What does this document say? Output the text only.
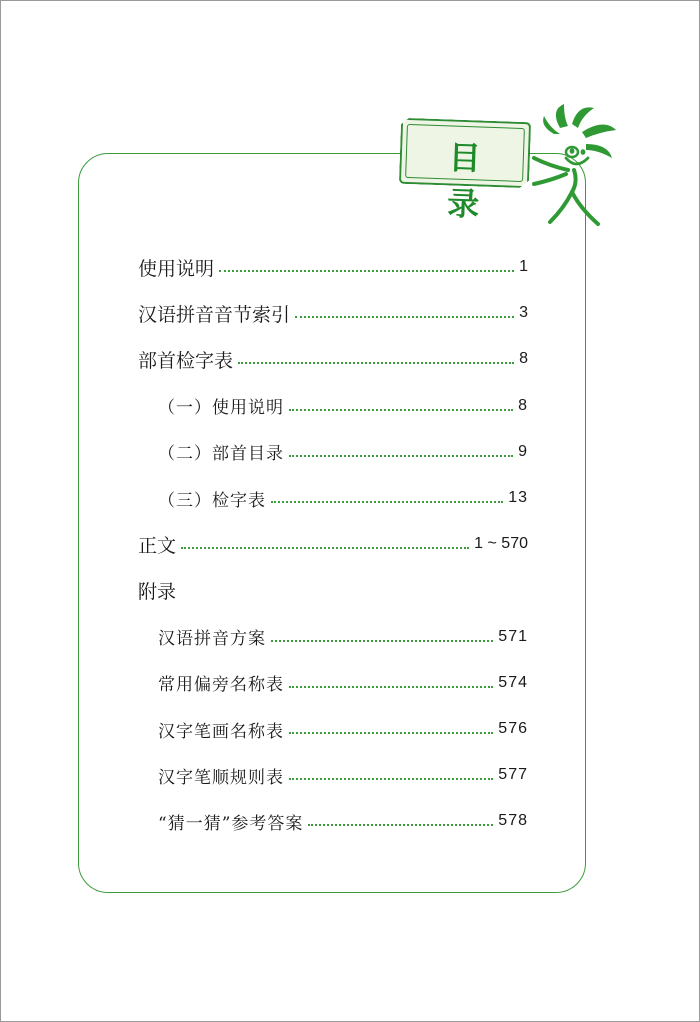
目 录
使用说明	1
汉语拼音音节索引	3
部首检字表	8
（一）使用说明	8
（二）部首目录	9
（三）检字表	13
正文	1 ~ 570
附录
汉语拼音方案	571
常用偏旁名称表	574
汉字笔画名称表	576
汉字笔顺规则表	577
“猜一猜”参考答案	578
